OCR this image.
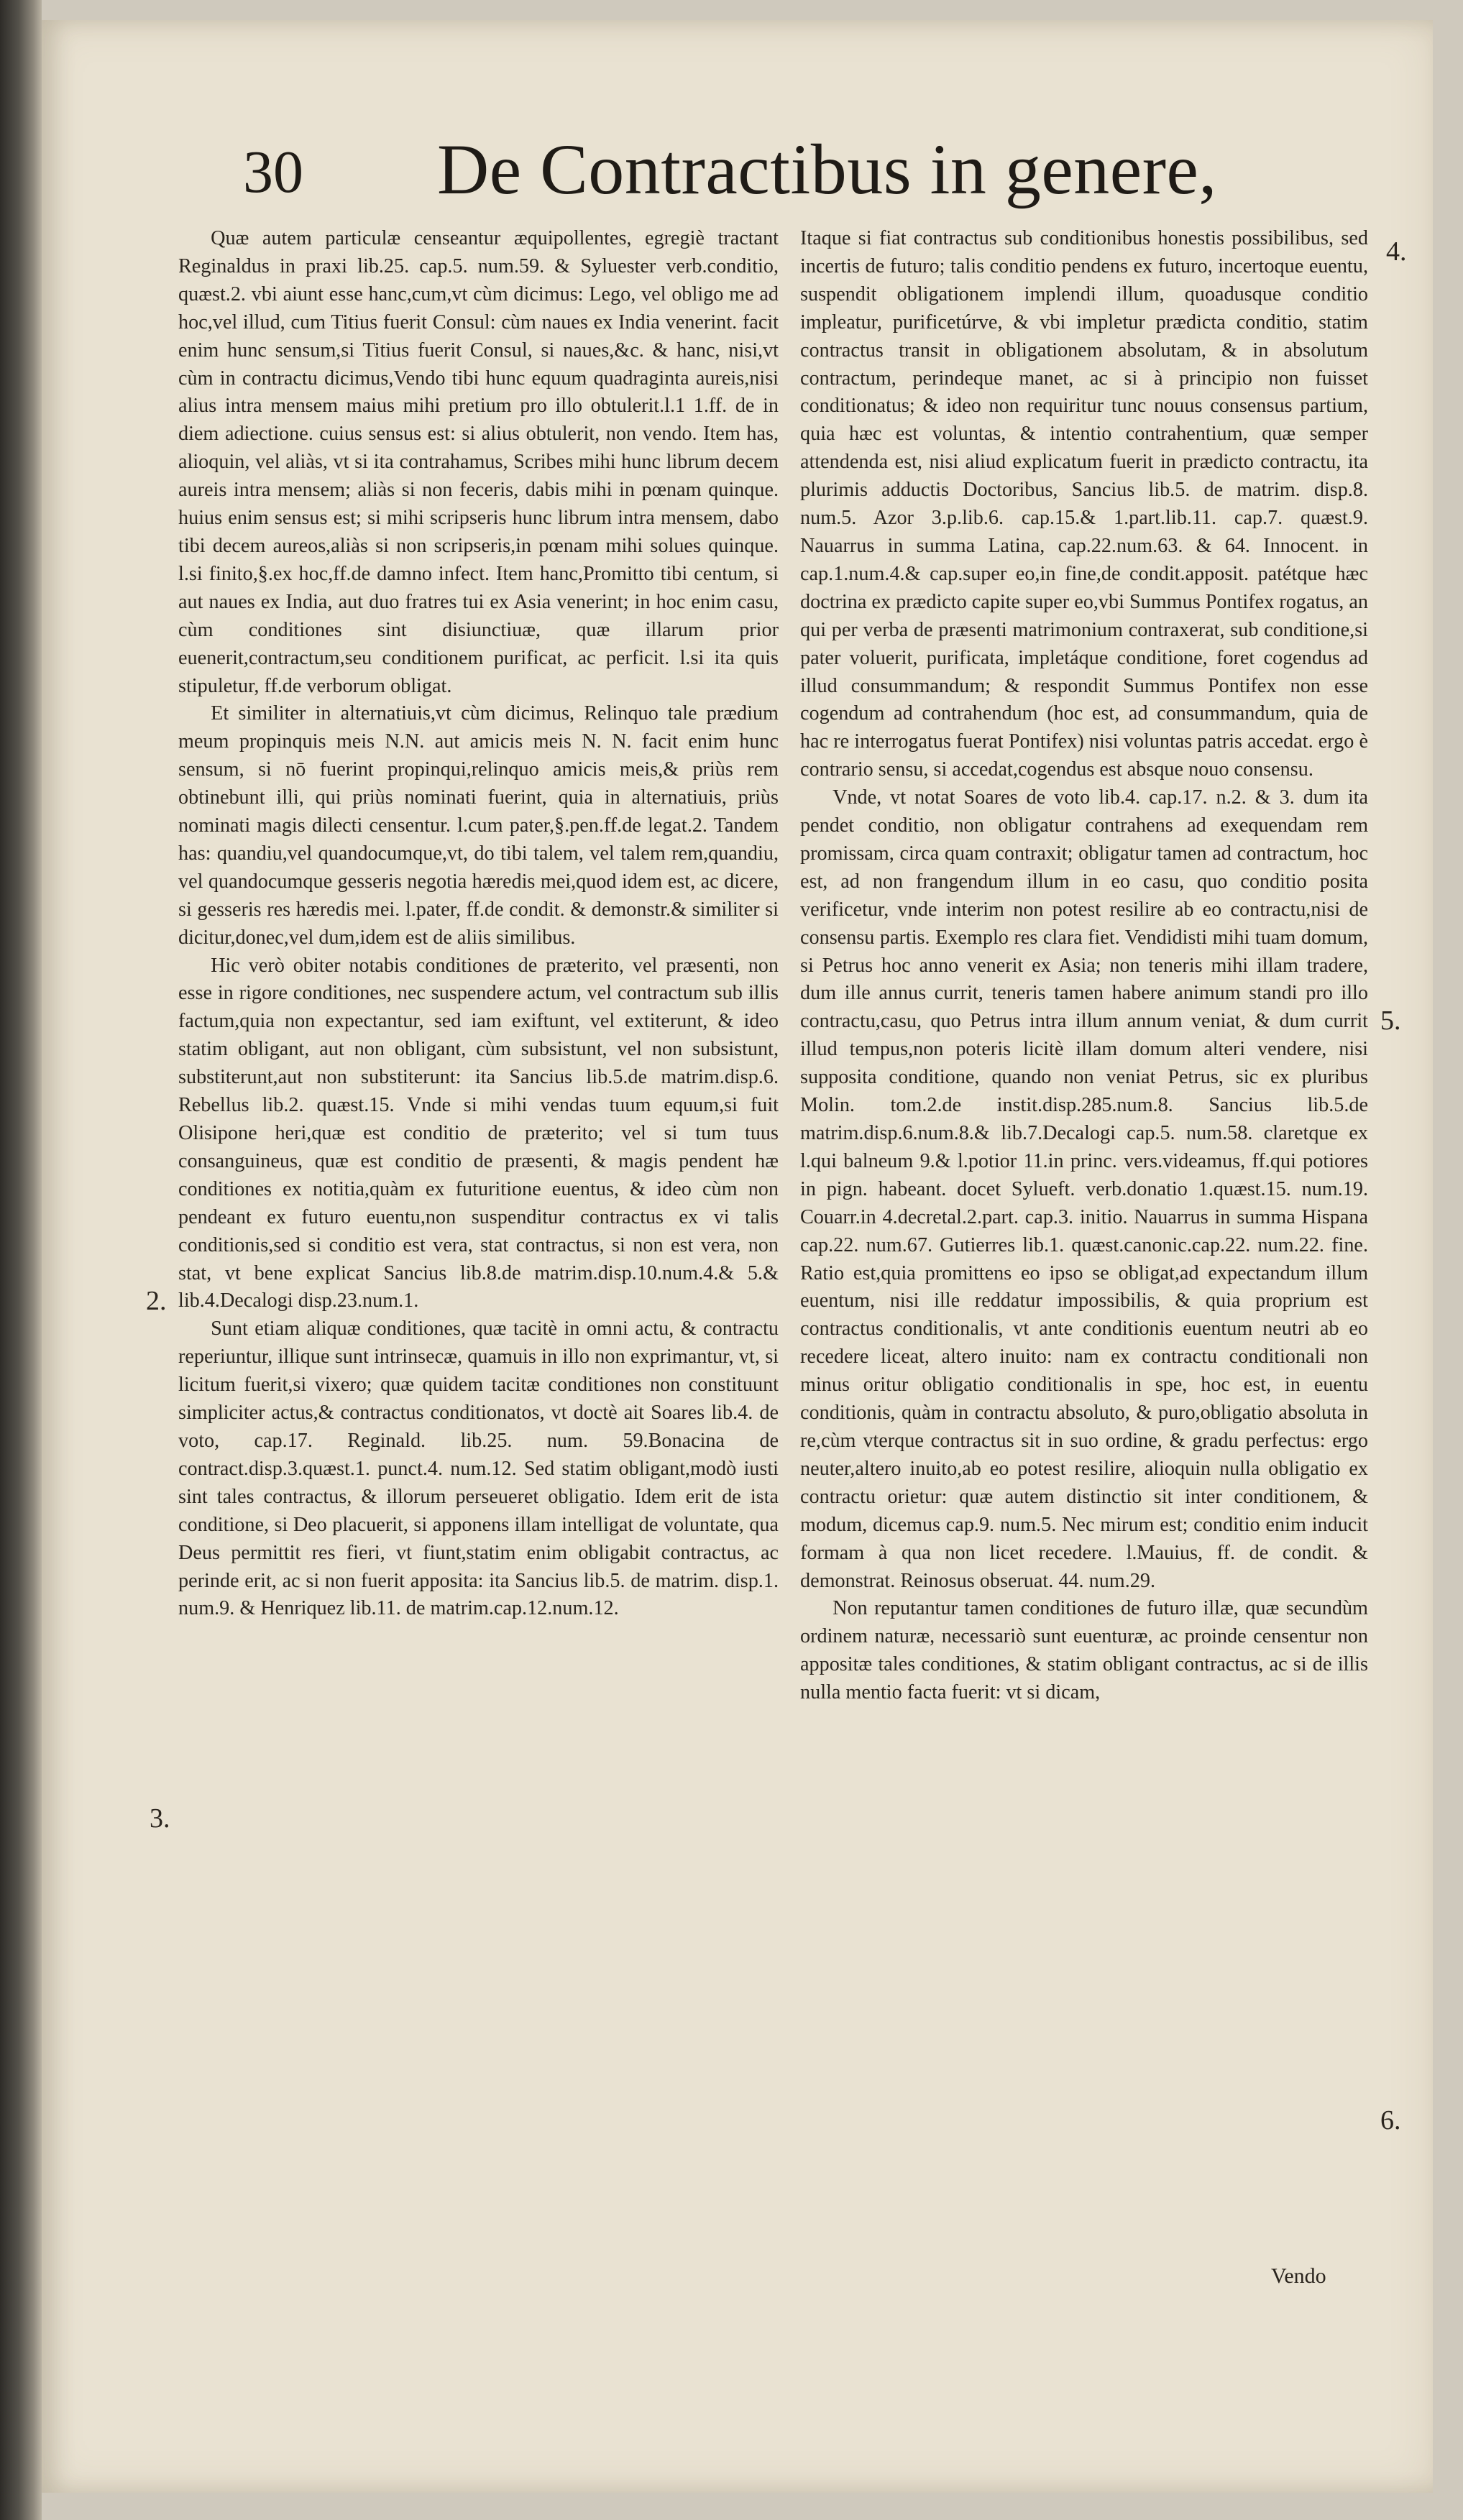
30 De Contractibus in genere,

Quæ autem particulæ censeantur æquipollentes, egregiè tractant Reginaldus in praxi lib.25. cap.5. num.59. & Syluester verb.conditio, quæst.2. vbi aiunt esse hanc,cum,vt cùm dicimus: Lego, vel obligo me ad hoc,vel illud, cum Titius fuerit Consul: cùm naues ex India venerint. facit enim hunc sensum,si Titius fuerit Consul, si naues,&c. & hanc, nisi,vt cùm in contractu dicimus,Vendo tibi hunc equum quadraginta aureis,nisi alius intra mensem maius mihi pretium pro illo obtulerit.l.1 1.ff. de in diem adiectione. cuius sensus est: si alius obtulerit, non vendo. Item has, alioquin, vel aliàs, vt si ita contrahamus, Scribes mihi hunc librum decem aureis intra mensem; aliàs si non feceris, dabis mihi in pœnam quinque. huius enim sensus est; si mihi scripseris hunc librum intra mensem, dabo tibi decem aureos,aliàs si non scripseris,in pœnam mihi solues quinque. l.si finito,§.ex hoc,ff.de damno infect. Item hanc,Promitto tibi centum, si aut naues ex India, aut duo fratres tui ex Asia venerint; in hoc enim casu, cùm conditiones sint disiunctiuæ, quæ illarum prior euenerit,contractum,seu conditionem purificat, ac perficit. l.si ita quis stipuletur, ff.de verborum obligat.

Et similiter in alternatiuis,vt cùm dicimus, Relinquo tale prædium meum propinquis meis N.N. aut amicis meis N. N. facit enim hunc sensum, si nō fuerint propinqui,relinquo amicis meis,& priùs rem obtinebunt illi, qui priùs nominati fuerint, quia in alternatiuis, priùs nominati magis dilecti censentur. l.cum pater,§.pen.ff.de legat.2. Tandem has: quandiu,vel quandocumque,vt, do tibi talem, vel talem rem,quandiu, vel quandocumque gesseris negotia hæredis mei,quod idem est, ac dicere, si gesseris res hæredis mei. l.pater, ff.de condit. & demonstr.& similiter si dicitur,donec,vel dum,idem est de aliis similibus.

Hic verò obiter notabis conditiones de præterito, vel præsenti, non esse in rigore conditiones, nec suspendere actum, vel contractum sub illis factum,quia non expectantur, sed iam exiftunt, vel extiterunt, & ideo statim obligant, aut non obligant, cùm subsistunt, vel non subsistunt, substiterunt,aut non substiterunt: ita Sancius lib.5.de matrim.disp.6. Rebellus lib.2. quæst.15. Vnde si mihi vendas tuum equum,si fuit Olisipone heri,quæ est conditio de præterito; vel si tum tuus consanguineus, quæ est conditio de præsenti, & magis pendent hæ conditiones ex notitia,quàm ex futuritione euentus, & ideo cùm non pendeant ex futuro euentu,non suspenditur contractus ex vi talis conditionis,sed si conditio est vera, stat contractus, si non est vera, non stat, vt bene explicat Sancius lib.8.de matrim.disp.10.num.4.& 5.& lib.4.Decalogi disp.23.num.1.

Sunt etiam aliquæ conditiones, quæ tacitè in omni actu, & contractu reperiuntur, illique sunt intrinsecæ, quamuis in illo non exprimantur, vt, si licitum fuerit,si vixero; quæ quidem tacitæ conditiones non constituunt simpliciter actus,& contractus conditionatos, vt doctè ait Soares lib.4. de voto, cap.17. Reginald. lib.25. num. 59.Bonacina de contract.disp.3.quæst.1. punct.4. num.12. Sed statim obligant,modò iusti sint tales contractus, & illorum perseueret obligatio. Idem erit de ista conditione, si Deo placuerit, si apponens illam intelligat de voluntate, qua Deus permittit res fieri, vt fiunt,statim enim obligabit contractus, ac perinde erit, ac si non fuerit apposita: ita Sancius lib.5. de matrim. disp.1. num.9. & Henriquez lib.11. de matrim.cap.12.num.12.

Itaque si fiat contractus sub conditionibus honestis possibilibus, sed incertis de futuro; talis conditio pendens ex futuro, incertoque euentu, suspendit obligationem implendi illum, quoadusque conditio impleatur, purificetúrve, & vbi impletur prædicta conditio, statim contractus transit in obligationem absolutam, & in absolutum contractum, perindeque manet, ac si à principio non fuisset conditionatus; & ideo non requiritur tunc nouus consensus partium, quia hæc est voluntas, & intentio contrahentium, quæ semper attendenda est, nisi aliud explicatum fuerit in prædicto contractu, ita plurimis adductis Doctoribus, Sancius lib.5. de matrim. disp.8. num.5. Azor 3.p.lib.6. cap.15.& 1.part.lib.11. cap.7. quæst.9. Nauarrus in summa Latina, cap.22.num.63. & 64. Innocent. in cap.1.num.4.& cap.super eo,in fine,de condit.apposit. patétque hæc doctrina ex prædicto capite super eo,vbi Summus Pontifex rogatus, an qui per verba de præsenti matrimonium contraxerat, sub conditione,si pater voluerit, purificata, impletáque conditione, foret cogendus ad illud consummandum; & respondit Summus Pontifex non esse cogendum ad contrahendum (hoc est, ad consummandum, quia de hac re interrogatus fuerat Pontifex) nisi voluntas patris accedat. ergo è contrario sensu, si accedat,cogendus est absque nouo consensu.

Vnde, vt notat Soares de voto lib.4. cap.17. n.2. & 3. dum ita pendet conditio, non obligatur contrahens ad exequendam rem promissam, circa quam contraxit; obligatur tamen ad contractum, hoc est, ad non frangendum illum in eo casu, quo conditio posita verificetur, vnde interim non potest resilire ab eo contractu,nisi de consensu partis. Exemplo res clara fiet. Vendidisti mihi tuam domum, si Petrus hoc anno venerit ex Asia; non teneris mihi illam tradere, dum ille annus currit, teneris tamen habere animum standi pro illo contractu,casu, quo Petrus intra illum annum veniat, & dum currit illud tempus,non poteris licitè illam domum alteri vendere, nisi supposita conditione, quando non veniat Petrus, sic ex pluribus Molin. tom.2.de instit.disp.285.num.8. Sancius lib.5.de matrim.disp.6.num.8.& lib.7.Decalogi cap.5. num.58. claretque ex l.qui balneum 9.& l.potior 11.in princ. vers.videamus, ff.qui potiores in pign. habeant. docet Sylueft. verb.donatio 1.quæst.15. num.19. Couarr.in 4.decretal.2.part. cap.3. initio. Nauarrus in summa Hispana cap.22. num.67. Gutierres lib.1. quæst.canonic.cap.22. num.22. fine. Ratio est,quia promittens eo ipso se obligat,ad expectandum illum euentum, nisi ille reddatur impossibilis, & quia proprium est contractus conditionalis, vt ante conditionis euentum neutri ab eo recedere liceat, altero inuito: nam ex contractu conditionali non minus oritur obligatio conditionalis in spe, hoc est, in euentu conditionis, quàm in contractu absoluto, & puro,obligatio absoluta in re,cùm vterque contractus sit in suo ordine, & gradu perfectus: ergo neuter,altero inuito,ab eo potest resilire, alioquin nulla obligatio ex contractu orietur: quæ autem distinctio sit inter conditionem, & modum, dicemus cap.9. num.5. Nec mirum est; conditio enim inducit formam à qua non licet recedere. l.Mauius, ff. de condit. & demonstrat. Reinosus obseruat. 44. num.29.

Non reputantur tamen conditiones de futuro illæ, quæ secundùm ordinem naturæ, necessariò sunt euenturæ, ac proinde censentur non appositæ tales conditiones, & statim obligant contractus, ac si de illis nulla mentio facta fuerit: vt si dicam,

2.
3.
4.
5.
6.
Vendo
